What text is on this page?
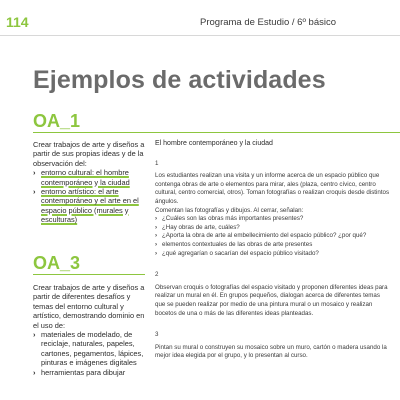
114	Programa de Estudio / 6º básico
Ejemplos de actividades
OA_1
Crear trabajos de arte y diseños a partir de sus propias ideas y de la observación del:
› entorno cultural: el hombre contemporáneo y la ciudad
› entorno artístico: el arte contemporáneo y el arte en el espacio público (murales y esculturas)
OA_3
Crear trabajos de arte y diseños a partir de diferentes desafíos y temas del entorno cultural y artístico, demostrando dominio en el uso de:
› materiales de modelado, de reciclaje, naturales, papeles, cartones, pegamentos, lápices, pinturas e imágenes digitales
› herramientas para dibujar
El hombre contemporáneo y la ciudad
1

Los estudiantes realizan una visita y un informe acerca de un espacio público que contenga obras de arte o elementos para mirar, ales (plaza, centro cívico, centro cultural, centro comercial, otros). Toman fotografías o realizan croquis desde distintos ángulos.

Comentan las fotografías y dibujos. Al cerrar, señalan:

› ¿Cuáles son las obras más importantes presentes?
› ¿Hay obras de arte, cuáles?
› ¿Aporta la obra de arte al embellecimiento del espacio público? ¿por qué?
› elementos contextuales de las obras de arte presentes
› ¿qué agregarían o sacarían del espacio público visitado?
2

Observan croquis o fotografías del espacio visitado y proponen diferentes ideas para realizar un mural en él. En grupos pequeños, dialogan acerca de diferentes temas que se pueden realizar por medio de una pintura mural o un mosaico y realizan bocetos de una o más de las diferentes ideas planteadas.

3

Pintan su mural o construyen su mosaico sobre un muro, cartón o madera usando la mejor idea elegida por el grupo, y lo presentan al curso.
